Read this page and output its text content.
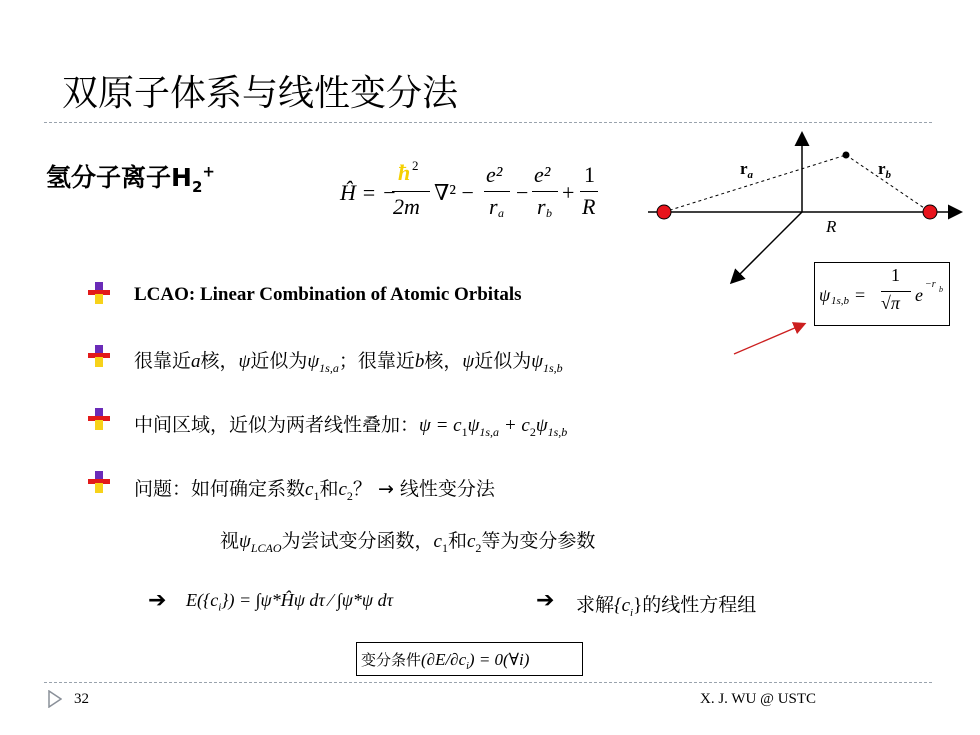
双原子体系与线性变分法
氢分子离子$H_2^+$
Ĥ = −
ħ 2
2m
∇² −
e²
r a
−
e²
r b
+
1
R
$r_a$	$r_b$
R
ψ 1s,b =
1
√π e
−r b
LCAO: Linear Combination of Atomic Orbitals
很靠近a核，ψ近似为$\psi_{1s,a}$；很靠近b核，ψ近似为$\psi_{1s,b}$
中间区域，近似为两者线性叠加：$\psi = c_1\psi_{1s,a} + c_2\psi_{1s,b}$
问题：如何确定系数$c_1$和$c_2$？ → 线性变分法
视$\psi_{LCAO}$为尝试变分函数，$c_1$和$c_2$等为变分参数
➔ $E(\{c_i\})$ = ∫ψ*Ĥψ dτ ⁄ ∫ψ*ψ dτ	➔ 求解$\{c_i\}$的线性方程组
变分条件$(\partial E/\partial c_i)$ = 0(∀i)
32	X. J. WU @ USTC
